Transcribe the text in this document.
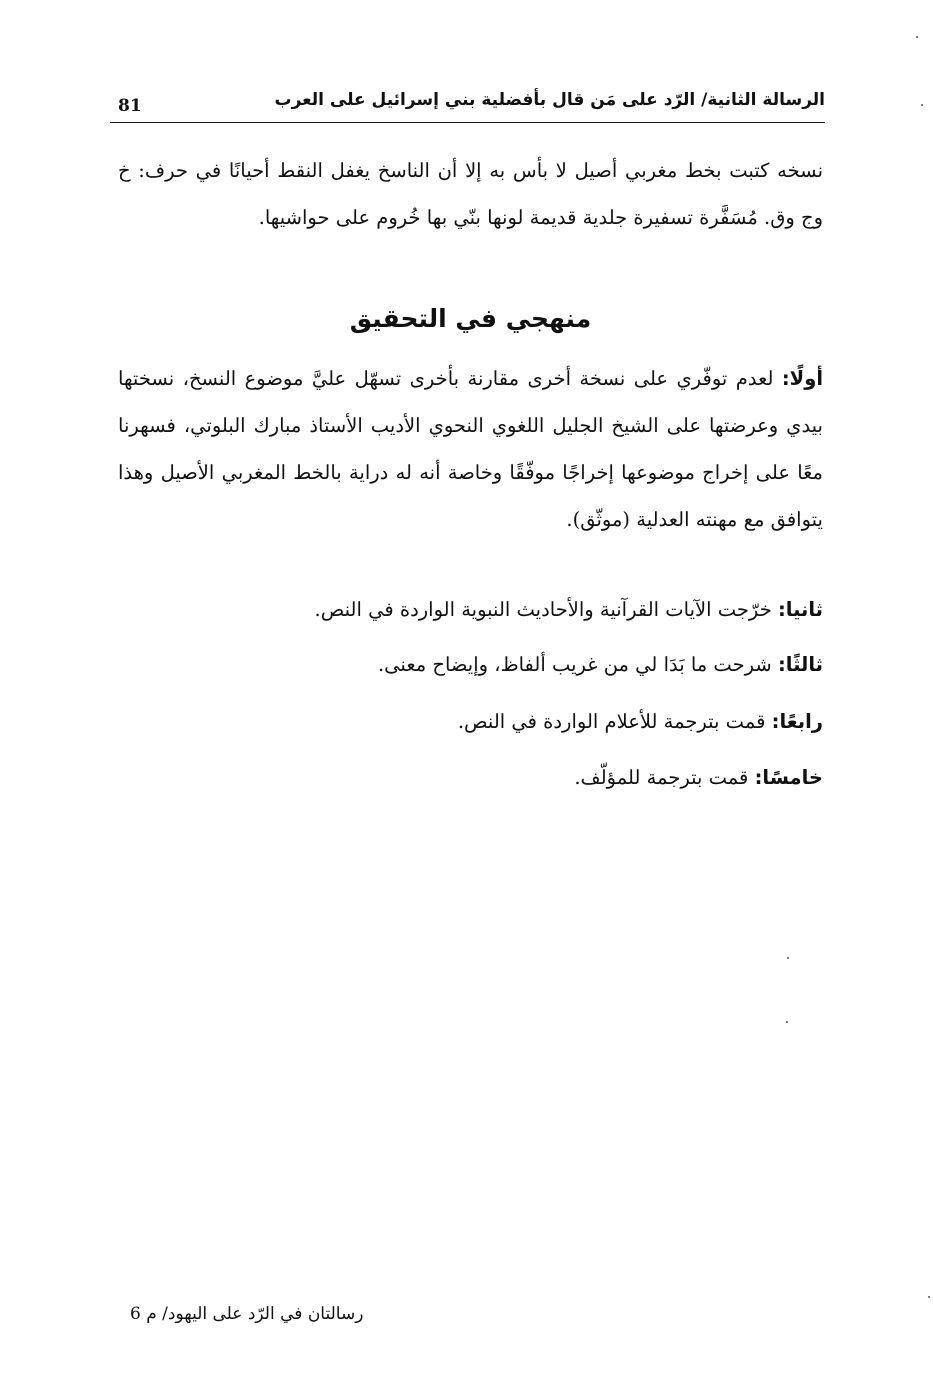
الرسالة الثانية/ الرّد على مَن قال بأفضلية بني إسرائيل على العرب
81

نسخه كتبت بخط مغربي أصيل لا بأس به إلا أن الناسخ يغفل النقط أحيانًا في حرف: خ وج وق. مُسَفَّرة تسفيرة جلدية قديمة لونها بنّي بها خُروم على حواشيها.

منهجي في التحقيق

أولًا: لعدم توفّري على نسخة أخرى مقارنة بأخرى تسهّل عليَّ موضوع النسخ، نسختها بيدي وعرضتها على الشيخ الجليل اللغوي النحوي الأديب الأستاذ مبارك البلوتي، فسهرنا معًا على إخراج موضوعها إخراجًا موفّقًا وخاصة أنه له دراية بالخط المغربي الأصيل وهذا يتوافق مع مهنته العدلية (موثّق).

ثانيا: خرّجت الآيات القرآنية والأحاديث النبوية الواردة في النص.
ثالثًا: شرحت ما بَدَا لي من غريب ألفاظ، وإيضاح معنى.
رابعًا: قمت بترجمة للأعلام الواردة في النص.
خامسًا: قمت بترجمة للمؤلّف.
رسالتان في الرّد على اليهود/ م 6
